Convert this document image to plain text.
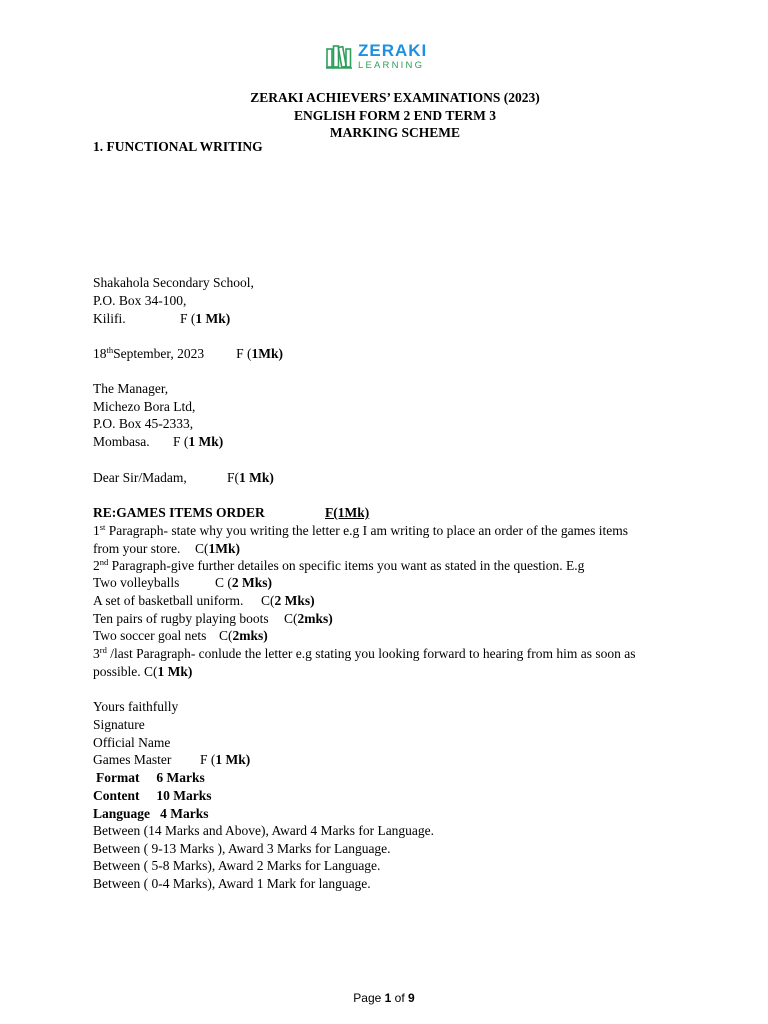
ZERAKI
LEARNING
ZERAKI ACHIEVERS’ EXAMINATIONS (2023)
ENGLISH FORM 2 END TERM 3
MARKING SCHEME
1. FUNCTIONAL WRITING
Shakahola Secondary School,
P.O. Box 34-100,
Kilifi.	F (1 Mk)
18thSeptember, 2023 F (1Mk)
The Manager,
Michezo Bora Ltd,
P.O. Box 45-2333,
Mombasa. F (1 Mk)
Dear Sir/Madam,	F(1 Mk)
RE:GAMES ITEMS ORDER	F(1Mk)
1st Paragraph- state why you writing the letter e.g I am writing to place an order of the games items
from your store. C(1Mk)
2nd Paragraph-give further detailes on specific items you want as stated in the question. E.g
Two volleyballs	C (2 Mks)
A set of basketball uniform. C(2 Mks)
Ten pairs of rugby playing boots C(2mks)
Two soccer goal nets C(2mks)
3rd /last Paragraph- conlude the letter e.g stating you looking forward to hearing from him as soon as
possible. C(1 Mk)
Yours faithfully
Signature
Official Name
Games Master F (1 Mk)
Format     6 Marks
Content     10 Marks
Language   4 Marks
Between (14 Marks and Above), Award 4 Marks for Language.
Between ( 9-13 Marks ), Award 3 Marks for Language.
Between ( 5-8 Marks), Award 2 Marks for Language.
Between ( 0-4 Marks), Award 1 Mark for language.
Page 1 of 9
